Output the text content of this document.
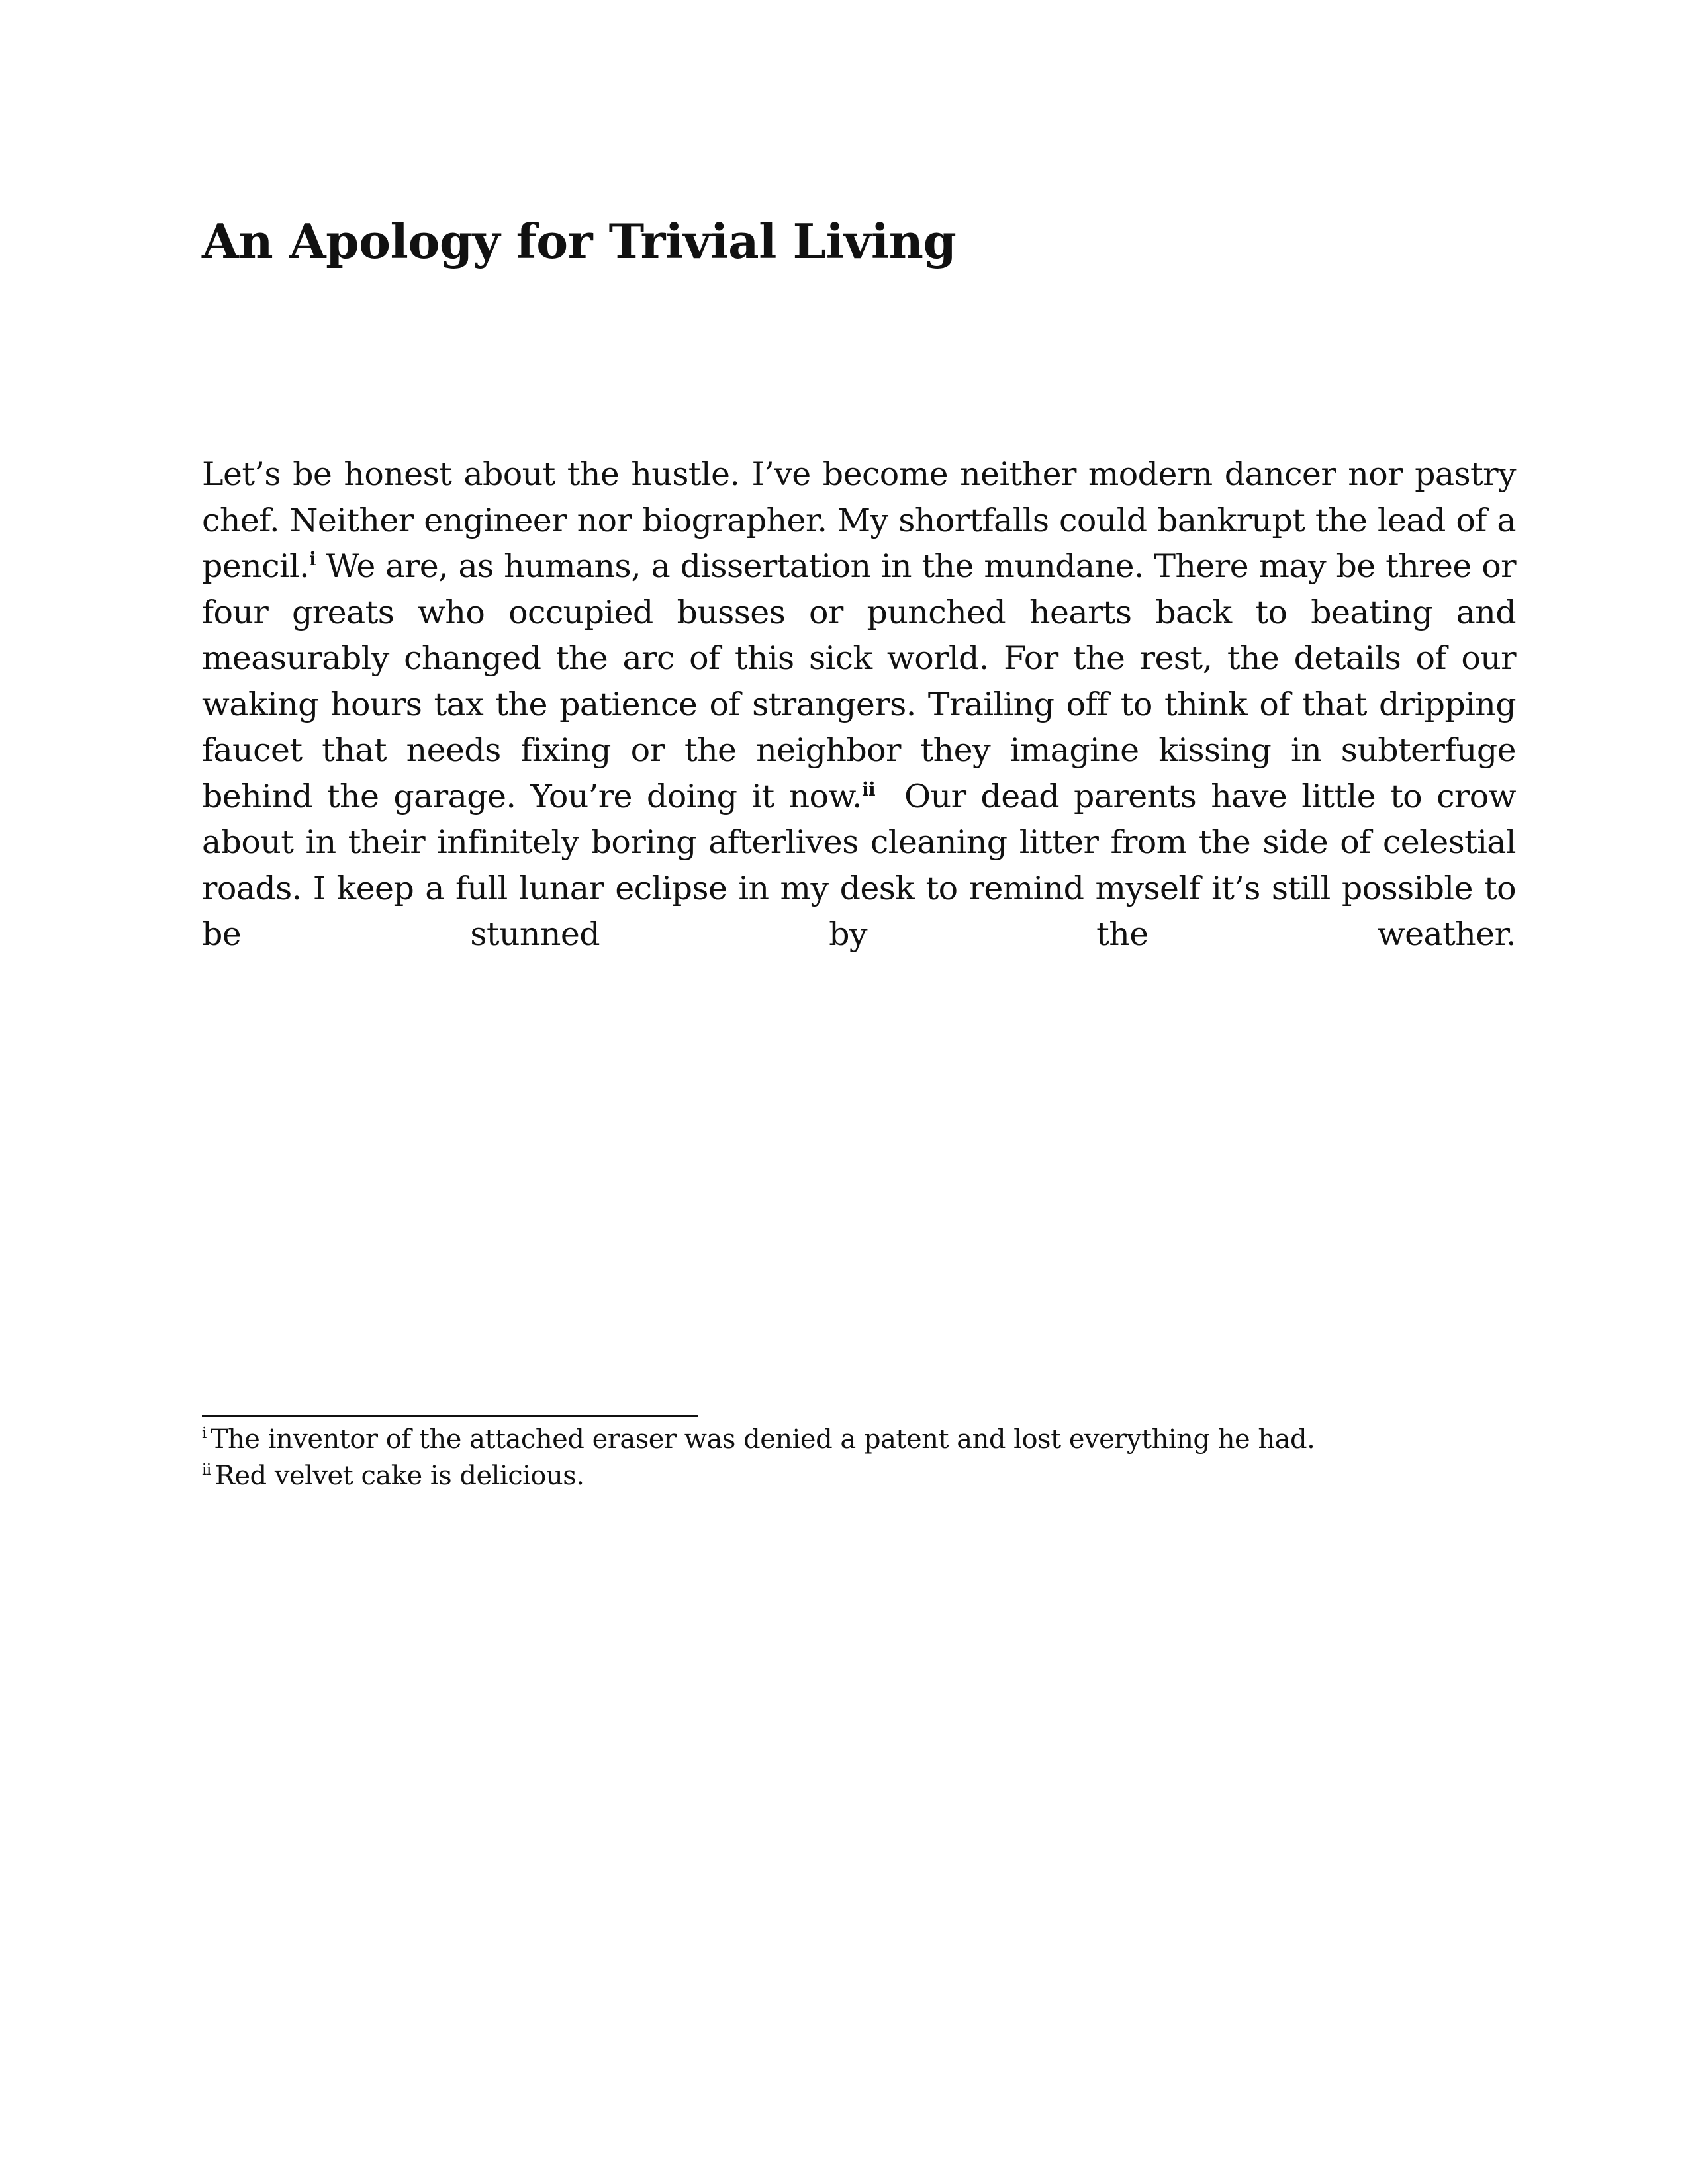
An Apology for Trivial Living

Let’s be honest about the hustle. I’ve become neither modern dancer nor pastry chef. Neither engineer nor biographer. My shortfalls could bankrupt the lead of a pencil.$^i$ We are, as humans, a dissertation in the mundane. There may be three or four greats who occupied busses or punched hearts back to beating and measurably changed the arc of this sick world. For the rest, the details of our waking hours tax the patience of strangers. Trailing off to think of that dripping faucet that needs fixing or the neighbor they imagine kissing in subterfuge behind the garage. You’re doing it now.$^{ii}$  Our dead parents have little to crow about in their infinitely boring afterlives cleaning litter from the side of celestial roads. I keep a full lunar eclipse in my desk to remind myself it’s still possible to be stunned by the weather.

$^i$ The inventor of the attached eraser was denied a patent and lost everything he had.

$^{ii}$ Red velvet cake is delicious.
